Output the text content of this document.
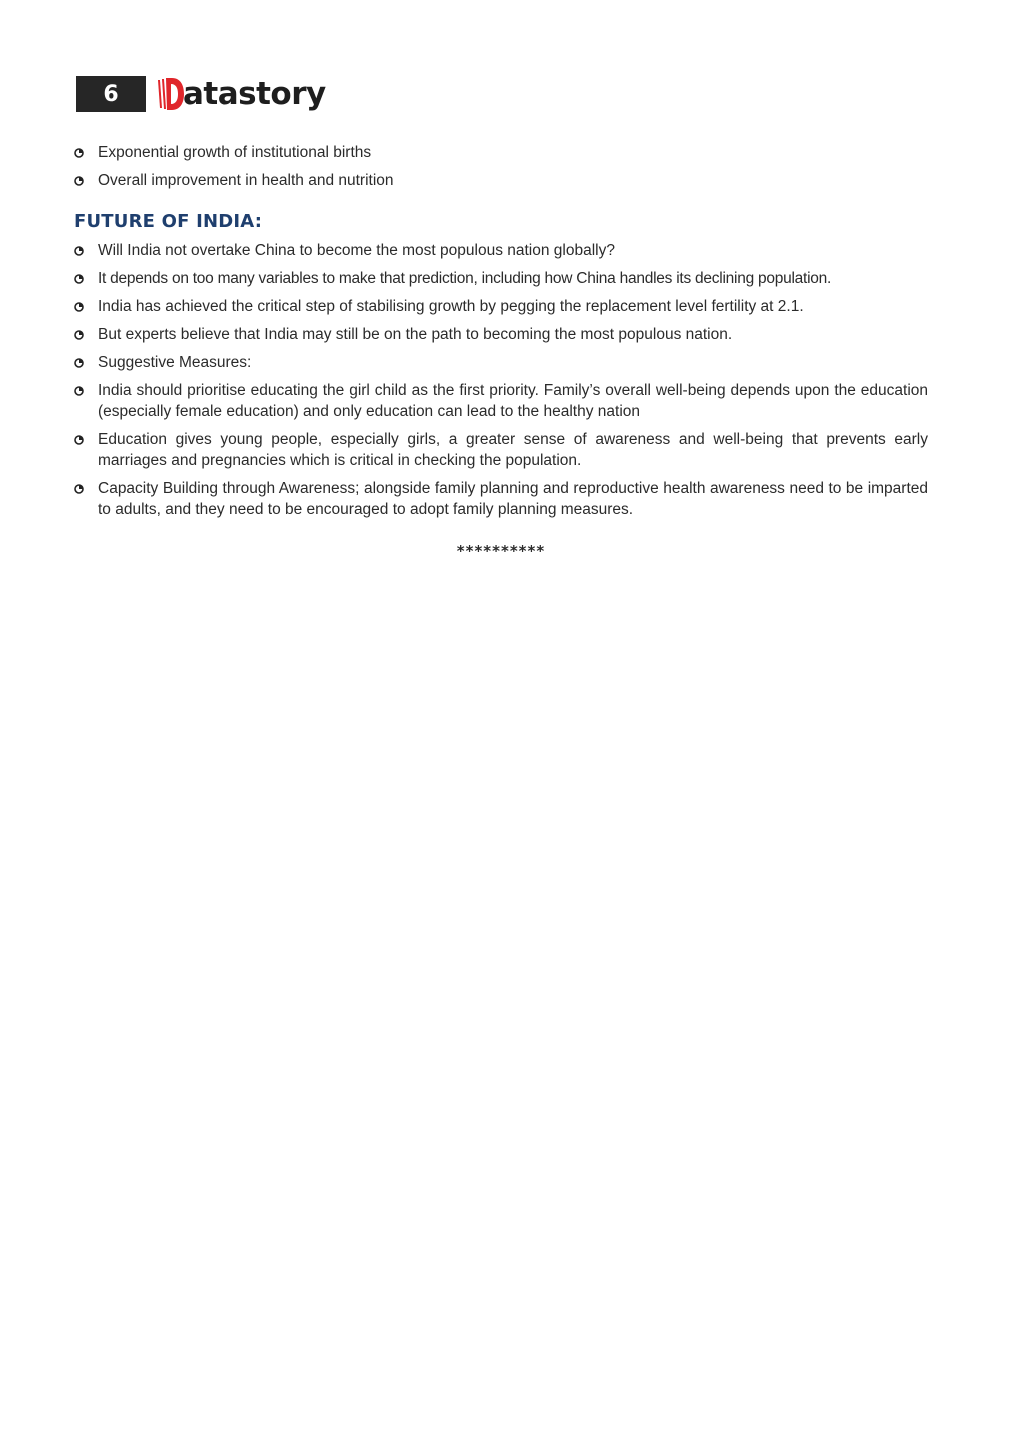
6	atastory
Exponential growth of institutional births
Overall improvement in health and nutrition
FUTURE OF INDIA:
Will India not overtake China to become the most populous nation globally?
It depends on too many variables to make that prediction, including how China handles its declining population.
India has achieved the critical step of stabilising growth by pegging the replacement level fertility at 2.1.
But experts believe that India may still be on the path to becoming the most populous nation.
Suggestive Measures:
India should prioritise educating the girl child as the first priority. Family’s overall well-being depends upon the education (especially female education) and only education can lead to the healthy nation
Education gives young people, especially girls, a greater sense of awareness and well-being that prevents early marriages and pregnancies which is critical in checking the population.
Capacity Building through Awareness; alongside family planning and reproductive health awareness need to be imparted to adults, and they need to be encouraged to adopt family planning measures.
**********
